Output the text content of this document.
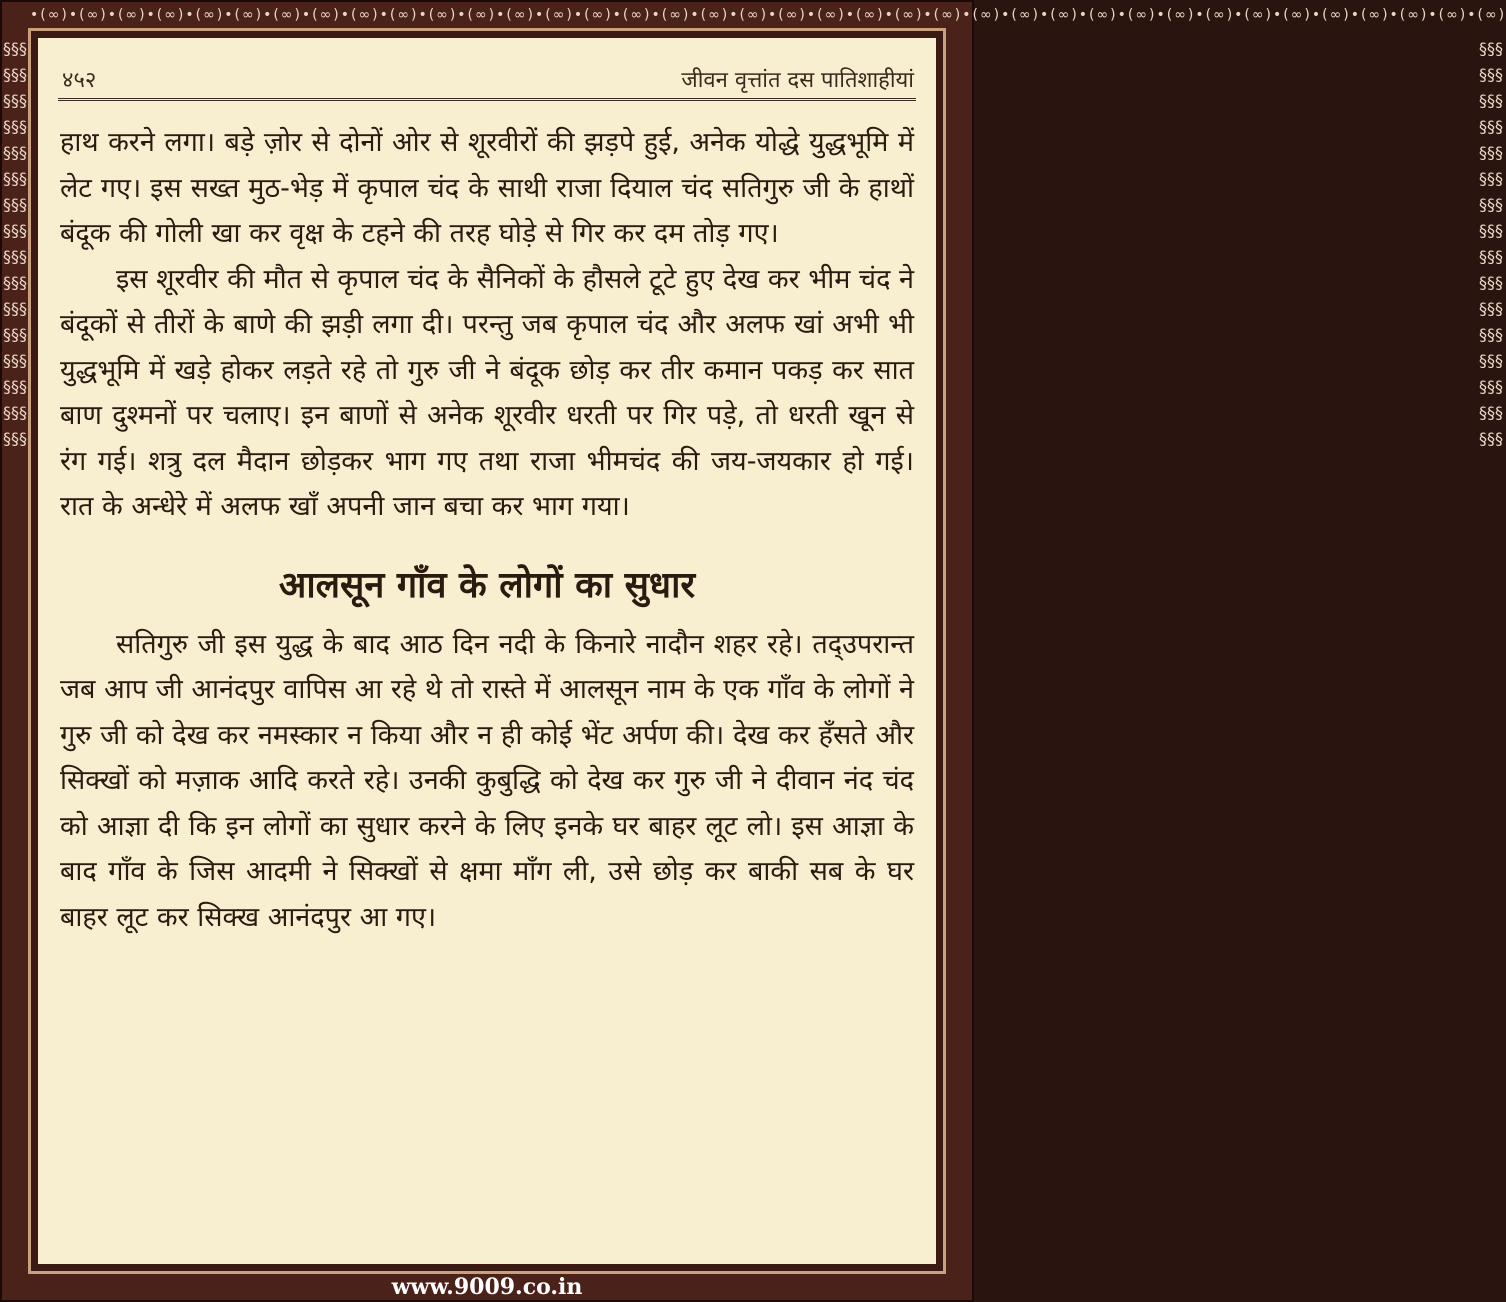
•(∞)•(∞)•(∞)•(∞)•(∞)•(∞)•(∞)•(∞)•(∞)•(∞)•(∞)•(∞)•(∞)•(∞)•(∞)•(∞)•(∞)•(∞)•(∞)•(∞)•(∞)•(∞)•(∞)•(∞)•(∞)•(∞)•(∞)•(∞)•(∞)•(∞)•(∞)•(∞)•(∞)•(∞)•(∞)•(∞)•(∞)•(∞)
§§§§§§§§§§§§§§§§§§§§§§§§§§§§§§§§§§§§§§§§§§§§§§§§
§§§§§§§§§§§§§§§§§§§§§§§§§§§§§§§§§§§§§§§§§§§§§§§§
४५२	जीवन वृत्तांत दस पातिशाहीयां

हाथ करने लगा। बड़े ज़ोर से दोनों ओर से शूरवीरों की झड़पे हुई, अनेक योद्धे युद्धभूमि में लेट गए। इस सख्त मुठ-भेड़ में कृपाल चंद के साथी राजा दियाल चंद सतिगुरु जी के हाथों बंदूक की गोली खा कर वृक्ष के टहने की तरह घोड़े से गिर कर दम तोड़ गए।

इस शूरवीर की मौत से कृपाल चंद के सैनिकों के हौसले टूटे हुए देख कर भीम चंद ने बंदूकों से तीरों के बाणे की झड़ी लगा दी। परन्तु जब कृपाल चंद और अलफ खां अभी भी युद्धभूमि में खड़े होकर लड़ते रहे तो गुरु जी ने बंदूक छोड़ कर तीर कमान पकड़ कर सात बाण दुश्मनों पर चलाए। इन बाणों से अनेक शूरवीर धरती पर गिर पड़े, तो धरती खून से रंग गई। शत्रु दल मैदान छोड़कर भाग गए तथा राजा भीमचंद की जय-जयकार हो गई। रात के अन्धेरे में अलफ खाँ अपनी जान बचा कर भाग गया।

आलसून गाँव के लोगों का सुधार

सतिगुरु जी इस युद्ध के बाद आठ दिन नदी के किनारे नादौन शहर रहे। तद्उपरान्त जब आप जी आनंदपुर वापिस आ रहे थे तो रास्ते में आलसून नाम के एक गाँव के लोगों ने गुरु जी को देख कर नमस्कार न किया और न ही कोई भेंट अर्पण की। देख कर हँसते और सिक्खों को मज़ाक आदि करते रहे। उनकी कुबुद्धि को देख कर गुरु जी ने दीवान नंद चंद को आज्ञा दी कि इन लोगों का सुधार करने के लिए इनके घर बाहर लूट लो। इस आज्ञा के बाद गाँव के जिस आदमी ने सिक्खों से क्षमा माँग ली, उसे छोड़ कर बाकी सब के घर बाहर लूट कर सिक्ख आनंदपुर आ गए।

www.9009.co.in
